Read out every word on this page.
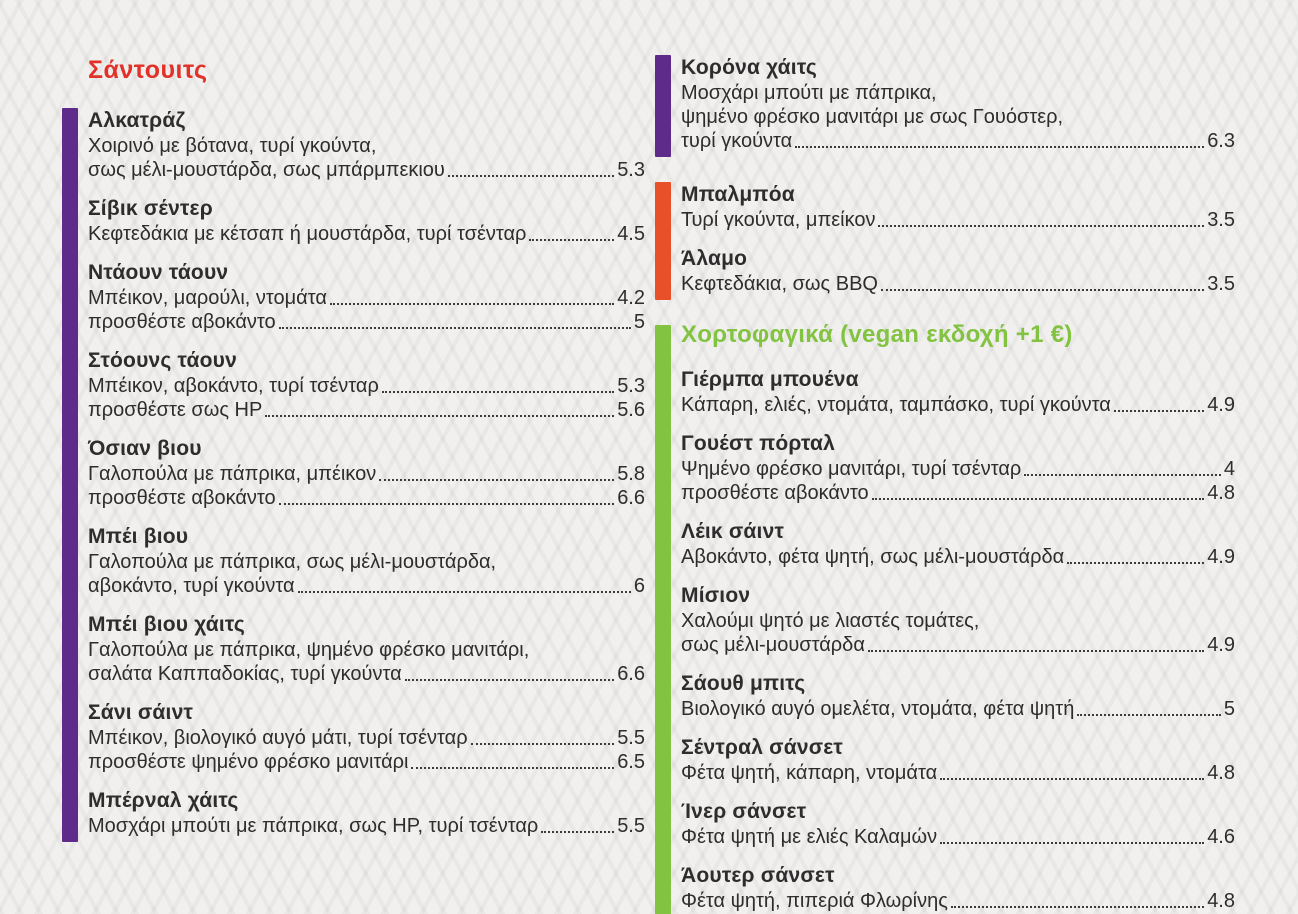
Σάντουιτς
Αλκατράζ
Χοιρινό με βότανα, τυρί γκούντα,
σως μέλι-μουστάρδα, σως μπάρμπεκιου	5.3
Σίβικ σέντερ
Κεφτεδάκια με κέτσαπ ή μουστάρδα, τυρί τσένταρ	4.5
Ντάουν τάουν
Μπέικον, μαρούλι, ντομάτα	4.2
προσθέστε αβοκάντο	5
Στόουνς τάουν
Μπέικον, αβοκάντο, τυρί τσένταρ	5.3
προσθέστε σως HP	5.6
Όσιαν βιου
Γαλοπούλα με πάπρικα, μπέικον	5.8
προσθέστε αβοκάντο	6.6
Μπέι βιου
Γαλοπούλα με πάπρικα, σως μέλι-μουστάρδα,
αβοκάντο, τυρί γκούντα	6
Μπέι βιου χάιτς
Γαλοπούλα με πάπρικα, ψημένο φρέσκο μανιτάρι,
σαλάτα Καππαδοκίας, τυρί γκούντα	6.6
Σάνι σάιντ
Μπέικον, βιολογικό αυγό μάτι, τυρί τσένταρ	5.5
προσθέστε ψημένο φρέσκο μανιτάρι	6.5
Μπέρναλ χάιτς
Μοσχάρι μπούτι με πάπρικα, σως HP, τυρί τσένταρ	5.5
Κορόνα χάιτς
Μοσχάρι μπούτι με πάπρικα,
ψημένο φρέσκο μανιτάρι με σως Γουόστερ,
τυρί γκούντα	6.3
Μπαλμπόα
Τυρί γκούντα, μπείκον	3.5
Άλαμο
Κεφτεδάκια, σως BBQ	3.5
Χορτοφαγικά (vegan εκδοχή +1 €)
Γιέρμπα μπουένα
Κάπαρη, ελιές, ντομάτα, ταμπάσκο, τυρί γκούντα	4.9
Γουέστ πόρταλ
Ψημένο φρέσκο μανιτάρι, τυρί τσένταρ	4
προσθέστε αβοκάντο	4.8
Λέικ σάιντ
Αβοκάντο, φέτα ψητή, σως μέλι-μουστάρδα	4.9
Μίσιον
Χαλούμι ψητό με λιαστές τομάτες,
σως μέλι-μουστάρδα	4.9
Σάουθ μπιτς
Βιολογικό αυγό ομελέτα, ντομάτα, φέτα ψητή	5
Σέντραλ σάνσετ
Φέτα ψητή, κάπαρη, ντομάτα	4.8
Ίνερ σάνσετ
Φέτα ψητή με ελιές Καλαμών	4.6
Άουτερ σάνσετ
Φέτα ψητή, πιπεριά Φλωρίνης	4.8
